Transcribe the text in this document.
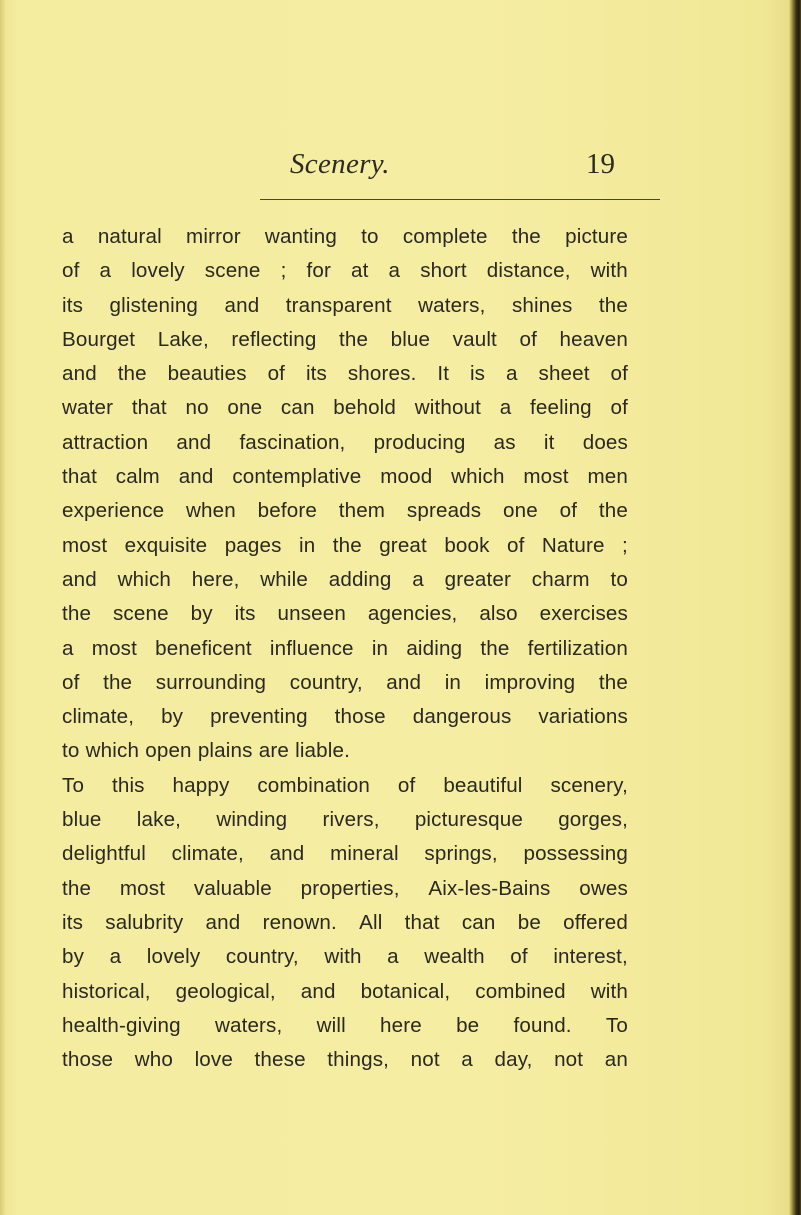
Scenery.	19
a natural mirror wanting to complete the picture
of a lovely scene ; for at a short distance, with
its glistening and transparent waters, shines the
Bourget Lake, reflecting the blue vault of heaven
and the beauties of its shores. It is a sheet of
water that no one can behold without a feeling of
attraction and fascination, producing as it does
that calm and contemplative mood which most men
experience when before them spreads one of the
most exquisite pages in the great book of Nature ;
and which here, while adding a greater charm to
the scene by its unseen agencies, also exercises
a most beneficent influence in aiding the fertilization
of the surrounding country, and in improving the
climate, by preventing those dangerous variations
to which open plains are liable.
To this happy combination of beautiful scenery,
blue lake, winding rivers, picturesque gorges,
delightful climate, and mineral springs, possessing
the most valuable properties, Aix-les-Bains owes
its salubrity and renown. All that can be offered
by a lovely country, with a wealth of interest,
historical, geological, and botanical, combined with
health-giving waters, will here be found. To
those who love these things, not a day, not an
